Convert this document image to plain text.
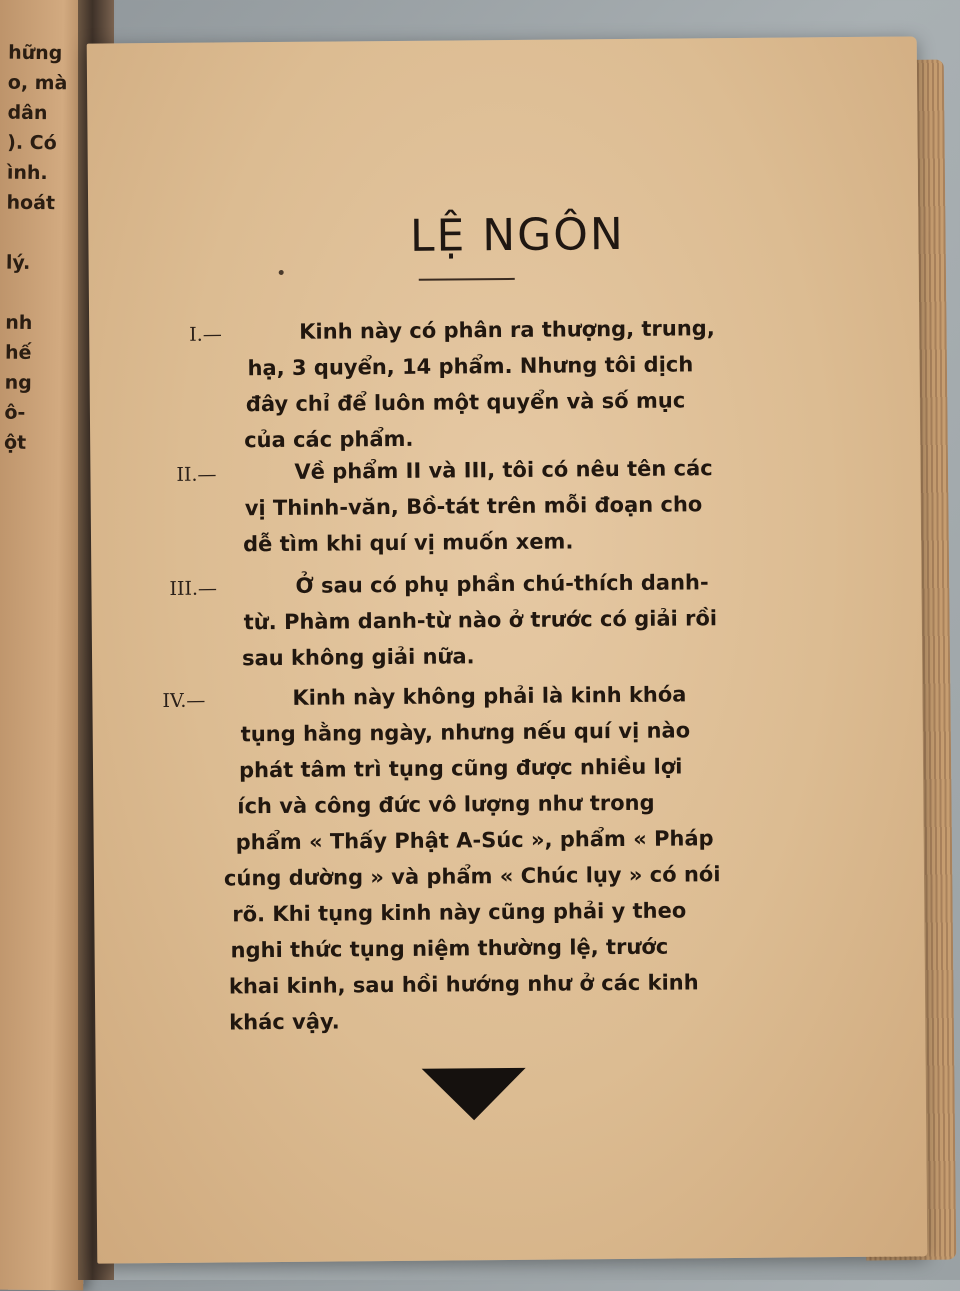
hững
o, mà
dân
). Có
ình.
hoát
lý.
nh
hế
ng
ô-
ột
LỆ NGÔN
I.—	Kinh này có phân ra thượng, trung,
hạ, 3 quyển, 14 phẩm. Nhưng tôi dịch
đây chỉ để luôn một quyển và số mục
của các phẩm.
II.—	Về phẩm II và III, tôi có nêu tên các
vị Thinh-văn, Bồ-tát trên mỗi đoạn cho
dễ tìm khi quí vị muốn xem.
III.—	Ở sau có phụ phần chú-thích danh-
từ. Phàm danh-từ nào ở trước có giải rồi
sau không giải nữa.
IV.—	Kinh này không phải là kinh khóa
tụng hằng ngày, nhưng nếu quí vị nào
phát tâm trì tụng cũng được nhiều lợi
ích và công đức vô lượng như trong
phẩm « Thấy Phật A-Súc », phẩm « Pháp
cúng dường » và phẩm « Chúc lụy » có nói
rõ. Khi tụng kinh này cũng phải y theo
nghi thức tụng niệm thường lệ, trước
khai kinh, sau hồi hướng như ở các kinh
khác vậy.
